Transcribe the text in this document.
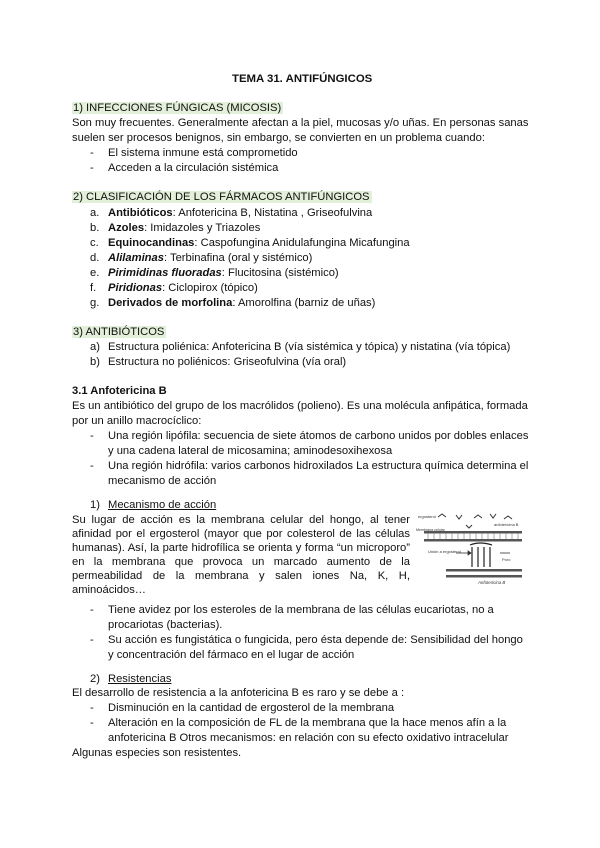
TEMA 31. ANTIFÚNGICOS
1) INFECCIONES FÚNGICAS (MICOSIS)
Son muy frecuentes. Generalmente afectan a la piel, mucosas y/o uñas. En personas sanas
suelen ser procesos benignos, sin embargo, se convierten en un problema cuando:
- El sistema inmune está comprometido
- Acceden a la circulación sistémica
2) CLASIFICACIÓN DE LOS FÁRMACOS ANTIFÚNGICOS
a. Antibióticos: Anfotericina B, Nistatina , Griseofulvina
b. Azoles: Imidazoles y Triazoles
c. Equinocandinas: Caspofungina Anidulafungina Micafungina
d. Alilaminas: Terbinafina (oral y sistémico)
e. Pirimidinas fluoradas: Flucitosina (sistémico)
f. Piridionas: Ciclopirox (tópico)
g. Derivados de morfolina: Amorolfina (barniz de uñas)
3) ANTIBIÓTICOS
a) Estructura poliénica: Anfotericina B (vía sistémica y tópica) y nistatina (vía tópica)
b) Estructura no poliénicos: Griseofulvina (vía oral)
3.1 Anfotericina B
Es un antibiótico del grupo de los macrólidos (polieno). Es una molécula anfipática, formada
por un anillo macrocíclico:
- Una región lipófila: secuencia de siete átomos de carbono unidos por dobles enlaces
y una cadena lateral de micosamina; aminodesoxihexosa
- Una región hidrófila: varios carbonos hidroxilados La estructura química determina el
mecanismo de acción
1) Mecanismo de acción
Su lugar de acción es la membrana celular del hongo, al tener
afinidad por el ergosterol (mayor que por colesterol de las células
humanas). Así, la parte hidrofílica se orienta y forma “un microporo”
en la membrana que provoca un marcado aumento de la
permeabilidad de la membrana y salen iones Na, K, H,
aminoácidos…
ergosterol
anfotericina B
Membrana celular
Unión a ergosterol
Poro
Anfotericina B
- Tiene avidez por los esteroles de la membrana de las células eucariotas, no a
procariotas (bacterias).
- Su acción es fungistática o fungicida, pero ésta depende de: Sensibilidad del hongo
y concentración del fármaco en el lugar de acción
2) Resistencias
El desarrollo de resistencia a la anfotericina B es raro y se debe a :
- Disminución en la cantidad de ergosterol de la membrana
- Alteración en la composición de FL de la membrana que la hace menos afín a la
anfotericina B Otros mecanismos: en relación con su efecto oxidativo intracelular
Algunas especies son resistentes.
